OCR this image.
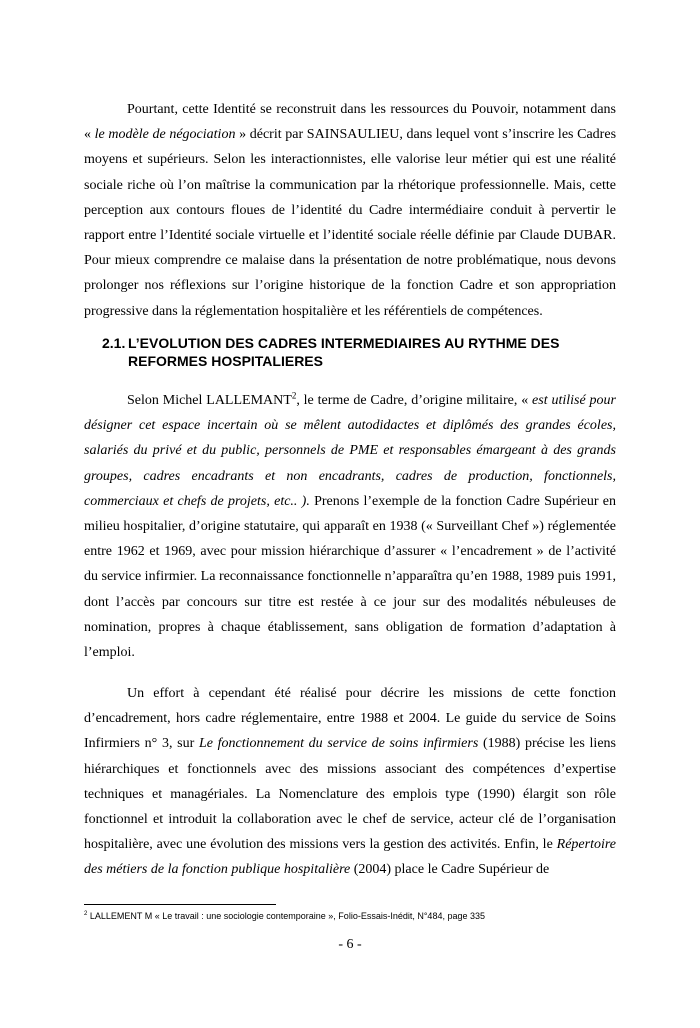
Pourtant, cette Identité se reconstruit dans les ressources du Pouvoir, notamment dans « le modèle de négociation » décrit par SAINSAULIEU, dans lequel vont s’inscrire les Cadres moyens et supérieurs. Selon les interactionnistes, elle valorise leur métier qui est une réalité sociale riche où l’on maîtrise la communication par la rhétorique professionnelle. Mais, cette perception aux contours floues de l’identité du Cadre intermédiaire conduit à pervertir le rapport entre l’Identité sociale virtuelle et l’identité sociale réelle définie par Claude DUBAR. Pour mieux comprendre ce malaise dans la présentation de notre problématique, nous devons prolonger nos réflexions sur l’origine historique de la fonction Cadre et son appropriation progressive dans la réglementation hospitalière et les référentiels de compétences.

2.1. L’EVOLUTION DES CADRES INTERMEDIAIRES AU RYTHME DES
REFORMES HOSPITALIERES

Selon Michel LALLEMANT$^2$, le terme de Cadre, d’origine militaire, « est utilisé pour désigner cet espace incertain où se mêlent autodidactes et diplômés des grandes écoles, salariés du privé et du public, personnels de PME et responsables émargeant à des grands groupes, cadres encadrants et non encadrants, cadres de production, fonctionnels, commerciaux et chefs de projets, etc.. ). Prenons l’exemple de la fonction Cadre Supérieur en milieu hospitalier, d’origine statutaire, qui apparaît en 1938 (« Surveillant Chef ») réglementée entre 1962 et 1969, avec pour mission hiérarchique d’assurer « l’encadrement » de l’activité du service infirmier. La reconnaissance fonctionnelle n’apparaîtra qu’en 1988, 1989 puis 1991, dont l’accès par concours sur titre est restée à ce jour sur des modalités nébuleuses de nomination, propres à chaque établissement, sans obligation de formation d’adaptation à l’emploi.

Un effort à cependant été réalisé pour décrire les missions de cette fonction d’encadrement, hors cadre réglementaire, entre 1988 et 2004. Le guide du service de Soins Infirmiers n° 3, sur Le fonctionnement du service de soins infirmiers (1988) précise les liens hiérarchiques et fonctionnels avec des missions associant des compétences d’expertise techniques et managériales. La Nomenclature des emplois type (1990) élargit son rôle fonctionnel et introduit la collaboration avec le chef de service, acteur clé de l’organisation hospitalière, avec une évolution des missions vers la gestion des activités. Enfin, le Répertoire des métiers de la fonction publique hospitalière (2004) place le Cadre Supérieur de

$^2$ LALLEMENT M « Le travail : une sociologie contemporaine », Folio-Essais-Inédit, N°484, page 335

- 6 -
